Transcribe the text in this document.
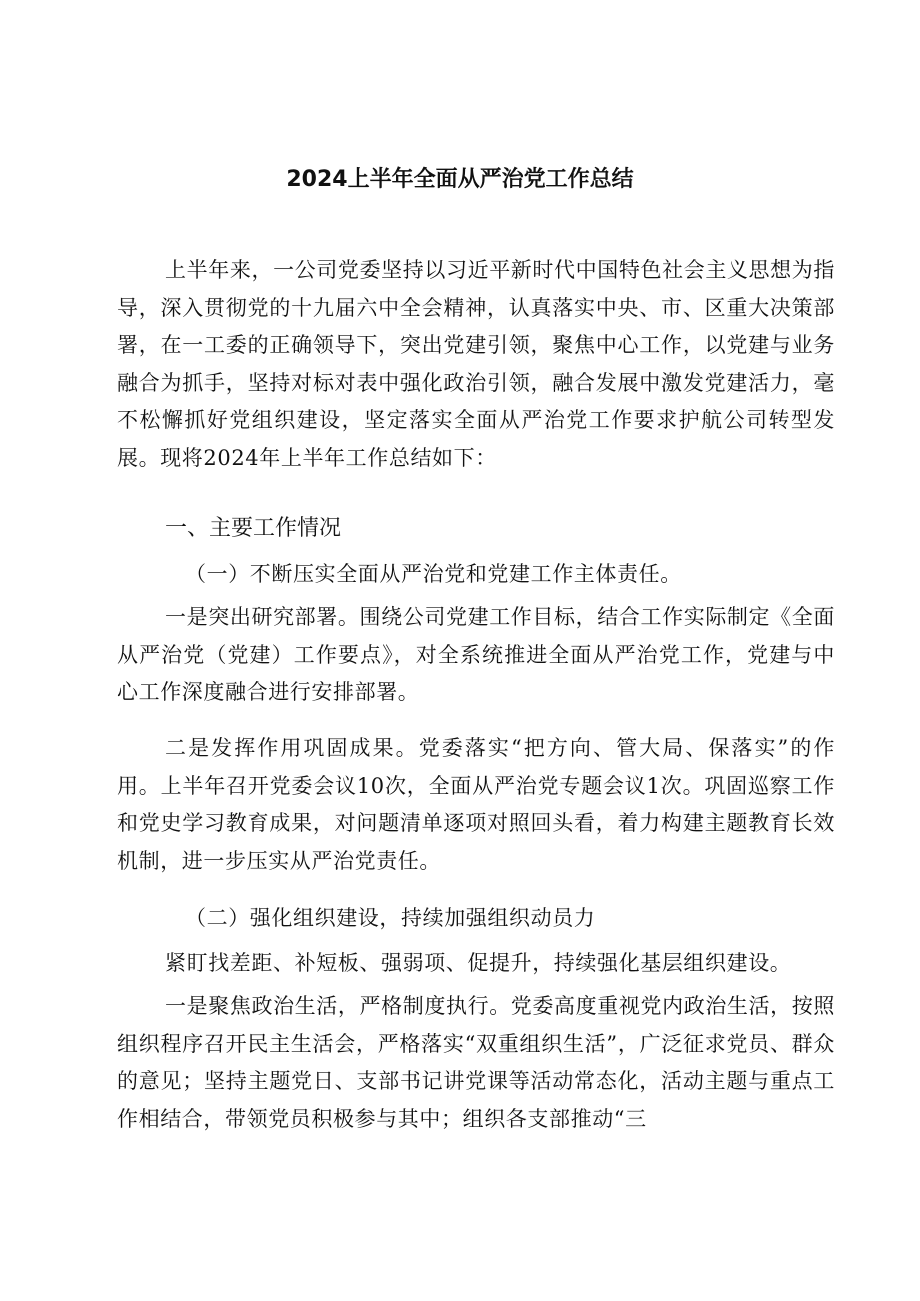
2024上半年全面从严治党工作总结

上半年来，一公司党委坚持以习近平新时代中国特色社会主义思想为指导，深入贯彻党的十九届六中全会精神，认真落实中央、市、区重大决策部署，在一工委的正确领导下，突出党建引领，聚焦中心工作，以党建与业务融合为抓手，坚持对标对表中强化政治引领，融合发展中激发党建活力，毫不松懈抓好党组织建设，坚定落实全面从严治党工作要求护航公司转型发展。现将2024年上半年工作总结如下：

一、主要工作情况

（一）不断压实全面从严治党和党建工作主体责任。

一是突出研究部署。围绕公司党建工作目标，结合工作实际制定《全面从严治党（党建）工作要点》，对全系统推进全面从严治党工作，党建与中心工作深度融合进行安排部署。

二是发挥作用巩固成果。党委落实“把方向、管大局、保落实”的作用。上半年召开党委会议10次，全面从严治党专题会议1次。巩固巡察工作和党史学习教育成果，对问题清单逐项对照回头看，着力构建主题教育长效机制，进一步压实从严治党责任。

（二）强化组织建设，持续加强组织动员力

紧盯找差距、补短板、强弱项、促提升，持续强化基层组织建设。

一是聚焦政治生活，严格制度执行。党委高度重视党内政治生活，按照组织程序召开民主生活会，严格落实“双重组织生活”，广泛征求党员、群众的意见；坚持主题党日、支部书记讲党课等活动常态化，活动主题与重点工作相结合，带领党员积极参与其中；组织各支部推动“三
